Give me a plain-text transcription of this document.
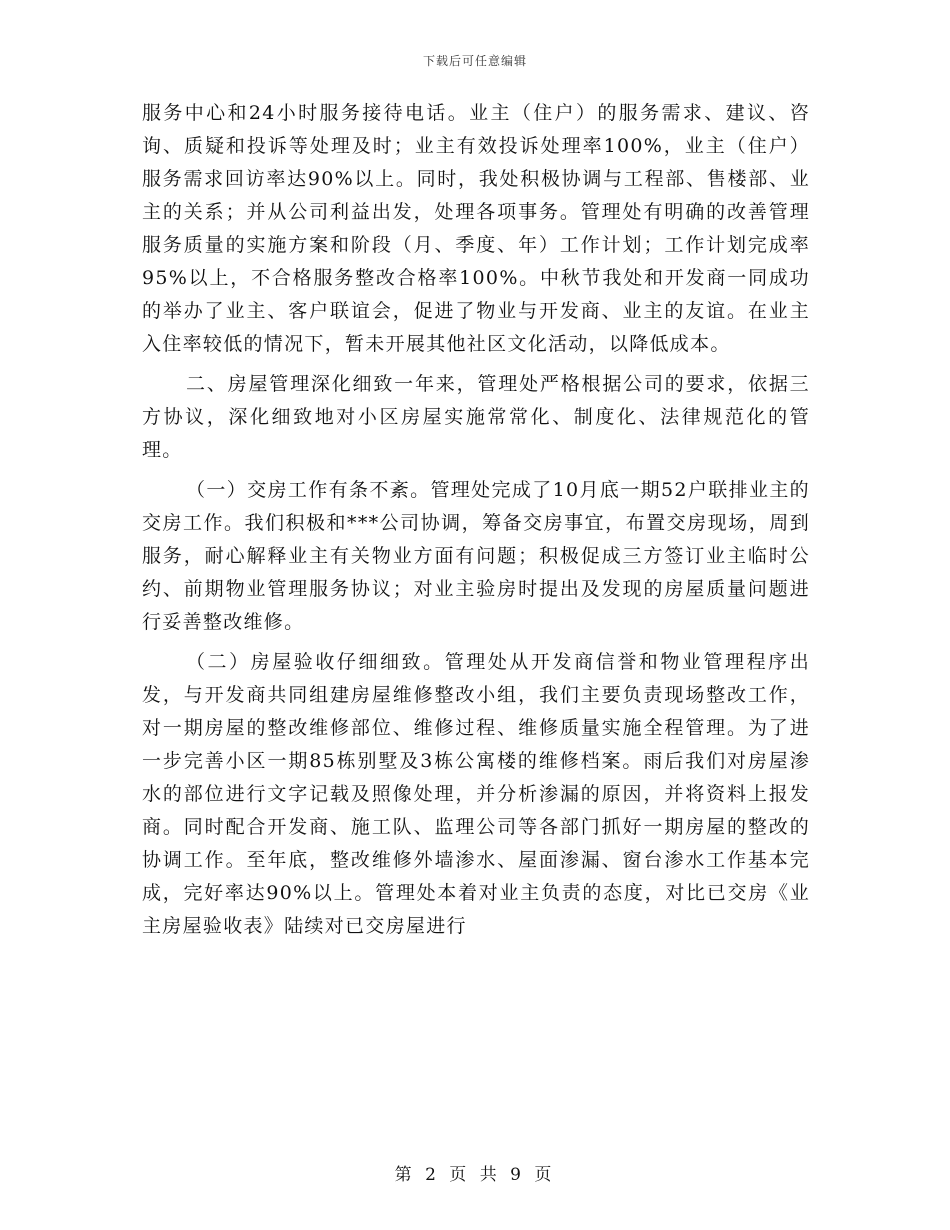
下载后可任意编辑

服务中心和24小时服务接待电话。业主（住户）的服务需求、建议、咨询、质疑和投诉等处理及时；业主有效投诉处理率100%，业主（住户）服务需求回访率达90%以上。同时，我处积极协调与工程部、售楼部、业主的关系；并从公司利益出发，处理各项事务。管理处有明确的改善管理服务质量的实施方案和阶段（月、季度、年）工作计划；工作计划完成率95%以上，不合格服务整改合格率100%。中秋节我处和开发商一同成功的举办了业主、客户联谊会，促进了物业与开发商、业主的友谊。在业主入住率较低的情况下，暂未开展其他社区文化活动，以降低成本。

二、房屋管理深化细致一年来，管理处严格根据公司的要求，依据三方协议，深化细致地对小区房屋实施常常化、制度化、法律规范化的管理。

（一）交房工作有条不紊。管理处完成了10月底一期52户联排业主的交房工作。我们积极和***公司协调，筹备交房事宜，布置交房现场，周到服务，耐心解释业主有关物业方面有问题；积极促成三方签订业主临时公约、前期物业管理服务协议；对业主验房时提出及发现的房屋质量问题进行妥善整改维修。

（二）房屋验收仔细细致。管理处从开发商信誉和物业管理程序出发，与开发商共同组建房屋维修整改小组，我们主要负责现场整改工作，对一期房屋的整改维修部位、维修过程、维修质量实施全程管理。为了进一步完善小区一期85栋别墅及3栋公寓楼的维修档案。雨后我们对房屋渗水的部位进行文字记载及照像处理，并分析渗漏的原因，并将资料上报发商。同时配合开发商、施工队、监理公司等各部门抓好一期房屋的整改的协调工作。至年底，整改维修外墙渗水、屋面渗漏、窗台渗水工作基本完成，完好率达90%以上。管理处本着对业主负责的态度，对比已交房《业主房屋验收表》陆续对已交房屋进行

第 2 页 共 9 页
